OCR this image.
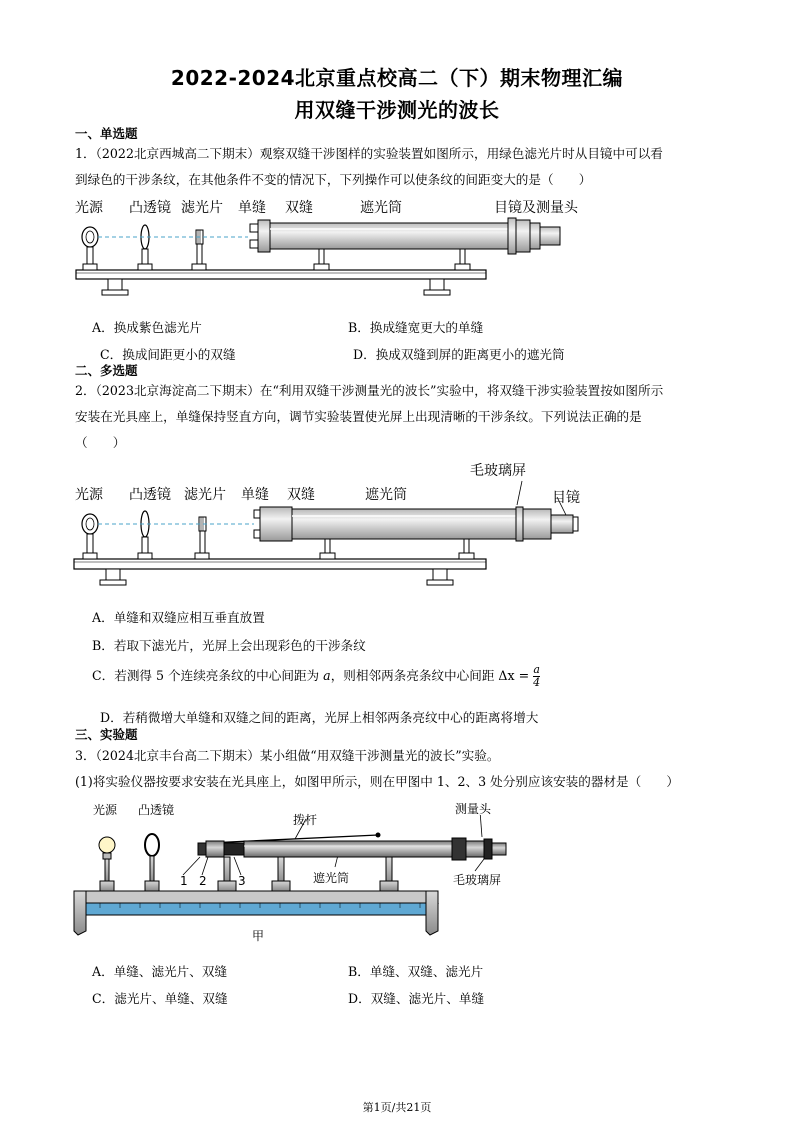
2022-2024北京重点校高二（下）期末物理汇编
用双缝干涉测光的波长
一、单选题
1．（2022北京西城高二下期末）观察双缝干涉图样的实验装置如图所示，用绿色滤光片时从目镜中可以看
到绿色的干涉条纹，在其他条件不变的情况下，下列操作可以使条纹的间距变大的是（　　）
光源 凸透镜 滤光片 单缝 双缝	遮光筒	目镜及测量头
A．换成紫色滤光片	B．换成缝宽更大的单缝
C．换成间距更小的双缝	D．换成双缝到屏的距离更小的遮光筒
二、多选题
2．（2023北京海淀高二下期末）在“利用双缝干涉测量光的波长”实验中，将双缝干涉实验装置按如图所示
安装在光具座上，单缝保持竖直方向，调节实验装置使光屏上出现清晰的干涉条纹。下列说法正确的是
（　　）
毛玻璃屏
光源 凸透镜 滤光片 单缝 双缝	遮光筒	目镜
A．单缝和双缝应相互垂直放置
B．若取下滤光片，光屏上会出现彩色的干涉条纹
C．若测得 5 个连续亮条纹的中心间距为 a，则相邻两条亮条纹中心间距 $\Delta x = \frac{a}{4}$
D．若稍微增大单缝和双缝之间的距离，光屏上相邻两条亮纹中心的距离将增大
三、实验题
3．（2024北京丰台高二下期末）某小组做“用双缝干涉测量光的波长”实验。
(1)将实验仪器按要求安装在光具座上，如图甲所示，则在甲图中 1、2、3 处分别应该安装的器材是（　　）
光源 凸透镜
拨杆
测量头
遮光筒	毛玻璃屏
1 2	3
甲
A．单缝、滤光片、双缝	B．单缝、双缝、滤光片
C．滤光片、单缝、双缝	D．双缝、滤光片、单缝
第1页/共21页
